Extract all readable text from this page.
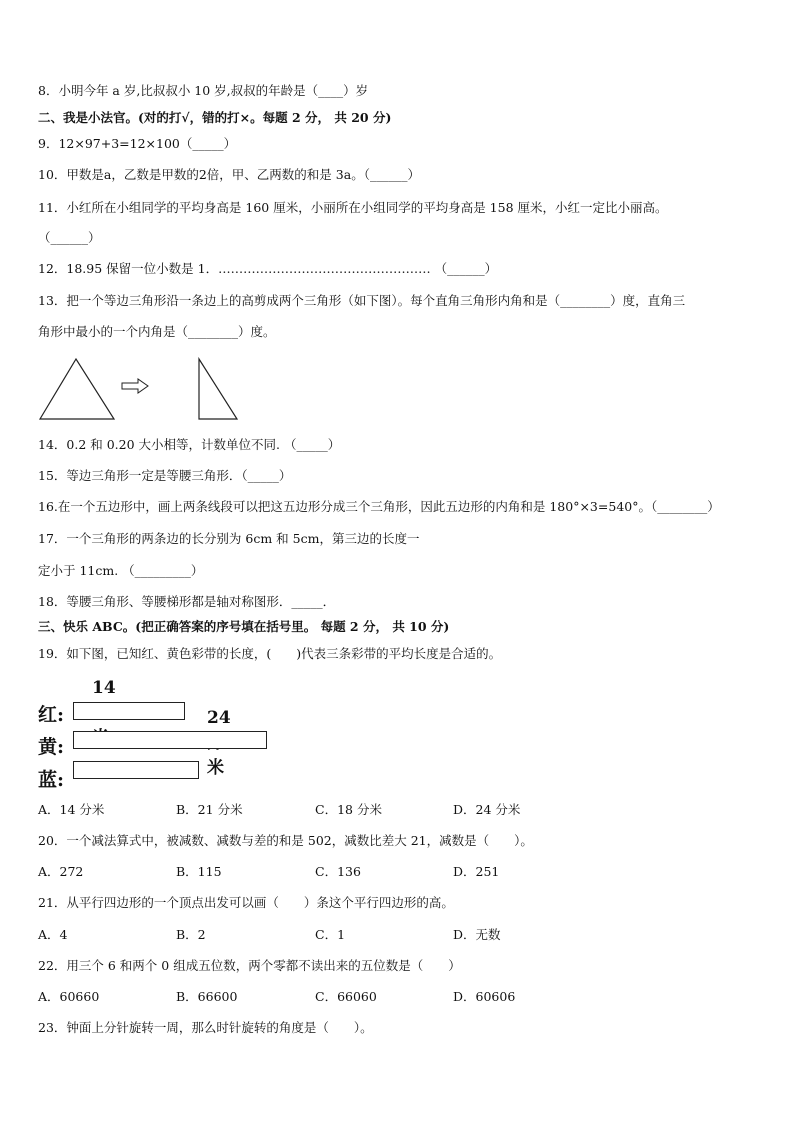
8．小明今年 a 岁,比叔叔小 10 岁,叔叔的年龄是（____）岁
二、我是小法官。(对的打√，错的打×。每题 2 分， 共 20 分)
9．12×97+3=12×100（_____）
10．甲数是a，乙数是甲数的2倍，甲、乙两数的和是 3a。（______）
11．小红所在小组同学的平均身高是 160 厘米，小丽所在小组同学的平均身高是 158 厘米，小红一定比小丽高。
（______）
12．18.95 保留一位小数是 1．…………………………………………… （______）
13．把一个等边三角形沿一条边上的高剪成两个三角形（如下图）。每个直角三角形内角和是（________）度，直角三
角形中最小的一个内角是（________）度。
14．0.2 和 0.20 大小相等，计数单位不同. （_____）
15．等边三角形一定是等腰三角形．（_____）
16.在一个五边形中，画上两条线段可以把这五边形分成三个三角形，因此五边形的内角和是 180°×3=540°。（________）
17．一个三角形的两条边的长分别为 6cm 和 5cm，第三边的长度一
定小于 11cm. （_________）
18．等腰三角形、等腰梯形都是轴对称图形．_____．
三、快乐 ABC。(把正确答案的序号填在括号里。 每题 2 分， 共 10 分)
19．如下图，已知红、黄色彩带的长度，(　　)代表三条彩带的平均长度是合适的。
14
24 米
红:
黄:
蓝:
A．14 分米	B．21 分米	C．18 分米	D．24 分米
20．一个减法算式中，被减数、减数与差的和是 502，减数比差大 21，减数是（　　）。
A．272	B．115	C．136	D．251
21．从平行四边形的一个顶点出发可以画（　　）条这个平行四边形的高。
A．4	B．2	C．1	D．无数
22．用三个 6 和两个 0 组成五位数，两个零都不读出来的五位数是（　　）
A．60660	B．66600	C．66060	D．60606
23．钟面上分针旋转一周，那么时针旋转的角度是（　　）。
